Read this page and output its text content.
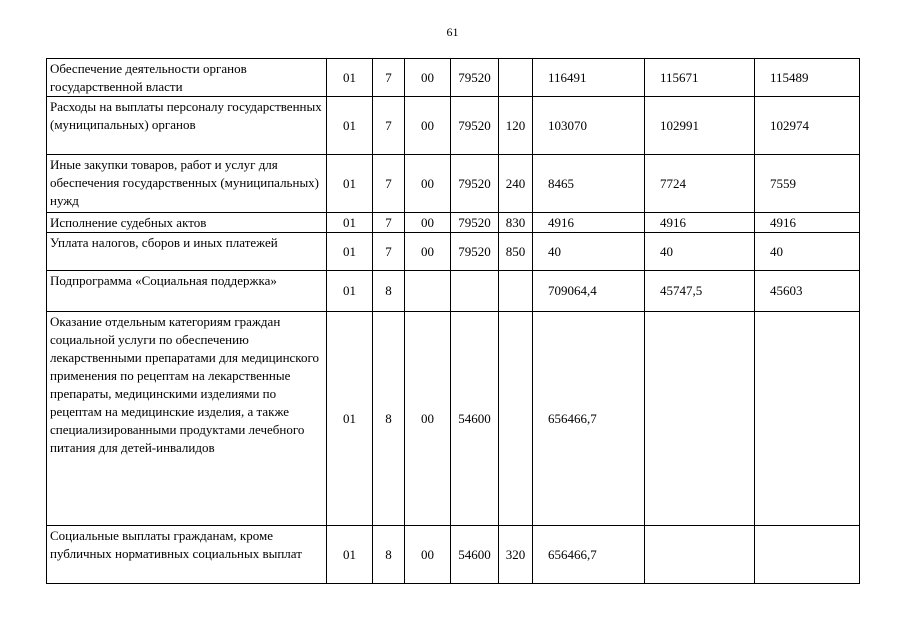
61
Обеспечение деятельности органов государственной власти	01	7	00	79520		116491	115671	115489
Расходы на выплаты персоналу государственных (муниципальных) органов	01	7	00	79520	120	103070	102991	102974
Иные закупки товаров, работ и услуг для обеспечения государственных (муниципальных) нужд	01	7	00	79520	240	8465	7724	7559
Исполнение судебных актов	01	7	00	79520	830	4916	4916	4916
Уплата налогов, сборов и иных платежей	01	7	00	79520	850	40	40	40
Подпрограмма «Социальная поддержка»	01	8				709064,4	45747,5	45603
Оказание отдельным категориям граждан социальной услуги по обеспечению лекарственными препаратами для медицинского применения по рецептам на лекарственные препараты, медицинскими изделиями по рецептам на медицинские изделия, а также специализированными продуктами лечебного питания для детей-инвалидов	01	8	00	54600		656466,7		
Социальные выплаты гражданам, кроме публичных нормативных социальных выплат	01	8	00	54600	320	656466,7		
